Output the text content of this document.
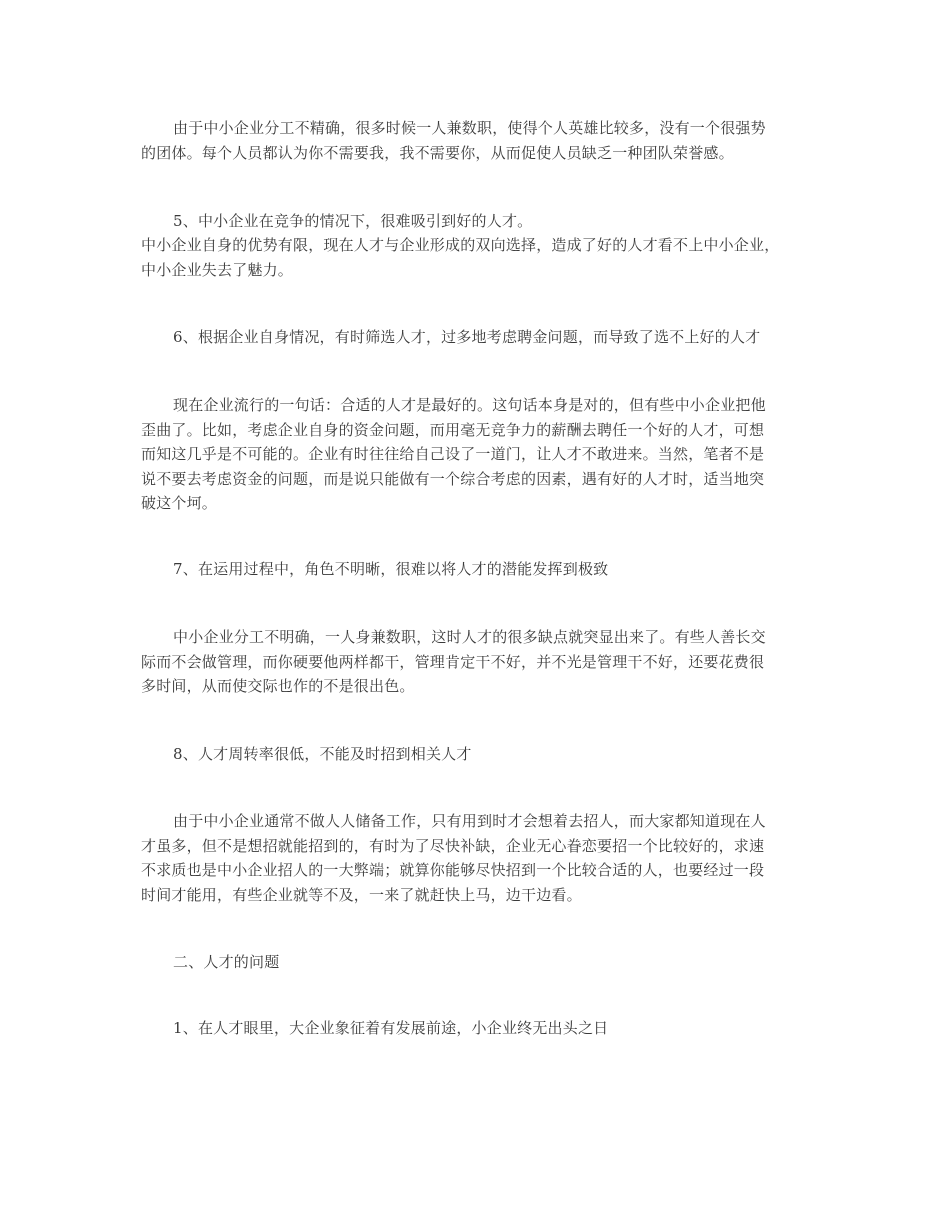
由于中小企业分工不精确，很多时候一人兼数职，使得个人英雄比较多，没有一个很强势
的团体。每个人员都认为你不需要我，我不需要你，从而促使人员缺乏一种团队荣誉感。
5、中小企业在竞争的情况下，很难吸引到好的人才。
中小企业自身的优势有限，现在人才与企业形成的双向选择，造成了好的人才看不上中小企业，
中小企业失去了魅力。
6、根据企业自身情况，有时筛选人才，过多地考虑聘金问题，而导致了选不上好的人才
现在企业流行的一句话：合适的人才是最好的。这句话本身是对的，但有些中小企业把他
歪曲了。比如，考虑企业自身的资金问题，而用毫无竞争力的薪酬去聘任一个好的人才，可想
而知这几乎是不可能的。企业有时往往给自己设了一道门，让人才不敢进来。当然，笔者不是
说不要去考虑资金的问题，而是说只能做有一个综合考虑的因素，遇有好的人才时，适当地突
破这个坷。
7、在运用过程中，角色不明晰，很难以将人才的潜能发挥到极致
中小企业分工不明确，一人身兼数职，这时人才的很多缺点就突显出来了。有些人善长交
际而不会做管理，而你硬要他两样都干，管理肯定干不好，并不光是管理干不好，还要花费很
多时间，从而使交际也作的不是很出色。
8、人才周转率很低，不能及时招到相关人才
由于中小企业通常不做人人储备工作，只有用到时才会想着去招人，而大家都知道现在人
才虽多，但不是想招就能招到的，有时为了尽快补缺，企业无心眷恋要招一个比较好的，求速
不求质也是中小企业招人的一大弊端；就算你能够尽快招到一个比较合适的人，也要经过一段
时间才能用，有些企业就等不及，一来了就赶快上马，边干边看。
二、人才的问题
1、在人才眼里，大企业象征着有发展前途，小企业终无出头之日
